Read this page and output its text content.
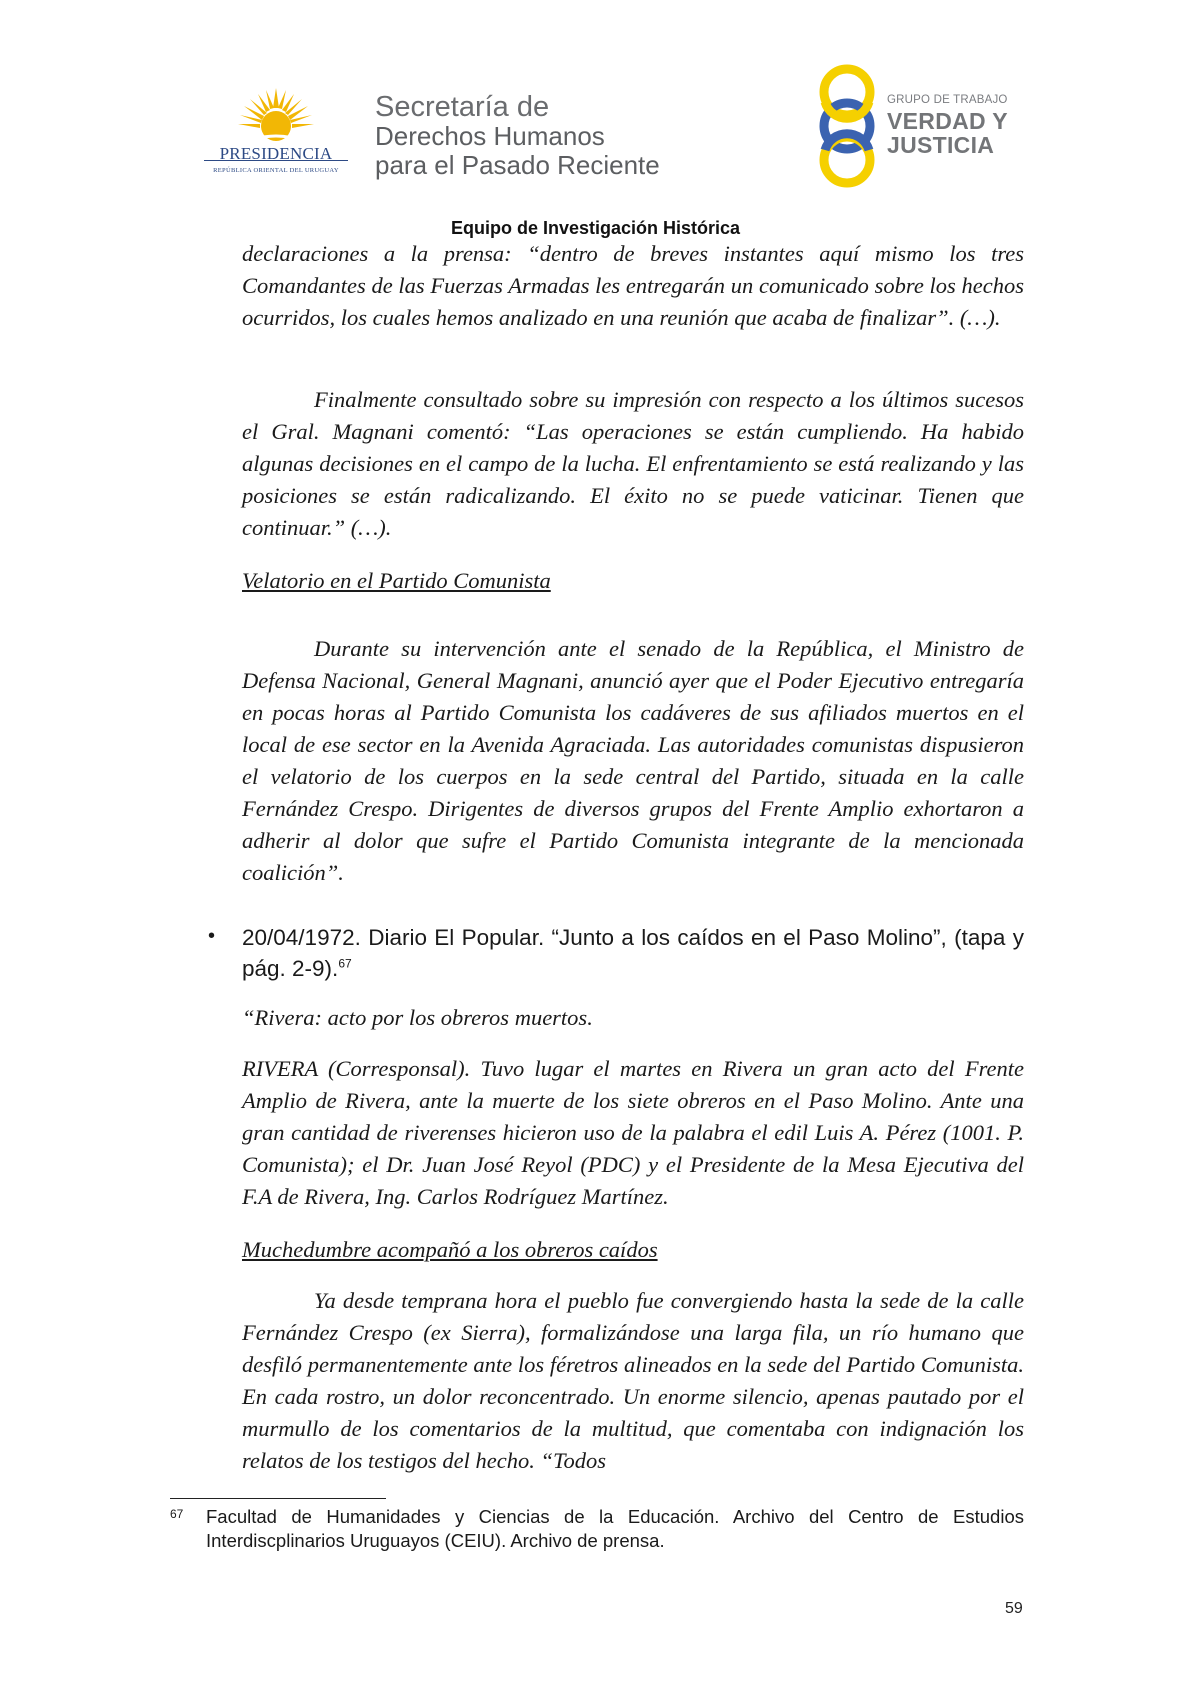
PRESIDENCIA
REPÚBLICA ORIENTAL DEL URUGUAY
Secretaría de
Derechos Humanos
para el Pasado Reciente
GRUPO DE TRABAJO
VERDAD Y
JUSTICIA
Equipo de Investigación Histórica
declaraciones a la prensa: “dentro de breves instantes aquí mismo los tres Comandantes de las Fuerzas Armadas les entregarán un comunicado sobre los hechos ocurridos, los cuales hemos analizado en una reunión que acaba de finalizar”. (…).
Finalmente consultado sobre su impresión con respecto a los últimos sucesos el Gral. Magnani comentó: “Las operaciones se están cumpliendo. Ha habido algunas decisiones en el campo de la lucha. El enfrentamiento se está realizando y las posiciones se están radicalizando. El éxito no se puede vaticinar. Tienen que continuar.” (…).
Velatorio en el Partido Comunista
Durante su intervención ante el senado de la República, el Ministro de Defensa Nacional, General Magnani, anunció ayer que el Poder Ejecutivo entregaría en pocas horas al Partido Comunista los cadáveres de sus afiliados muertos en el local de ese sector en la Avenida Agraciada. Las autoridades comunistas dispusieron el velatorio de los cuerpos en la sede central del Partido, situada en la calle Fernández Crespo. Dirigentes de diversos grupos del Frente Amplio exhortaron a adherir al dolor que sufre el Partido Comunista integrante de la mencionada coalición”.
• 20/04/1972. Diario El Popular. “Junto a los caídos en el Paso Molino”, (tapa y pág. 2-9).$^{67}$
“Rivera: acto por los obreros muertos.
RIVERA (Corresponsal). Tuvo lugar el martes en Rivera un gran acto del Frente Amplio de Rivera, ante la muerte de los siete obreros en el Paso Molino. Ante una gran cantidad de riverenses hicieron uso de la palabra el edil Luis A. Pérez (1001. P. Comunista); el Dr. Juan José Reyol (PDC) y el Presidente de la Mesa Ejecutiva del F.A de Rivera, Ing. Carlos Rodríguez Martínez.
Muchedumbre acompañó a los obreros caídos
Ya desde temprana hora el pueblo fue convergiendo hasta la sede de la calle Fernández Crespo (ex Sierra), formalizándose una larga fila, un río humano que desfiló permanentemente ante los féretros alineados en la sede del Partido Comunista. En cada rostro, un dolor reconcentrado. Un enorme silencio, apenas pautado por el murmullo de los comentarios de la multitud, que comentaba con indignación los relatos de los testigos del hecho. “Todos
67 Facultad de Humanidades y Ciencias de la Educación. Archivo del Centro de Estudios Interdiscplinarios Uruguayos (CEIU). Archivo de prensa.
59
